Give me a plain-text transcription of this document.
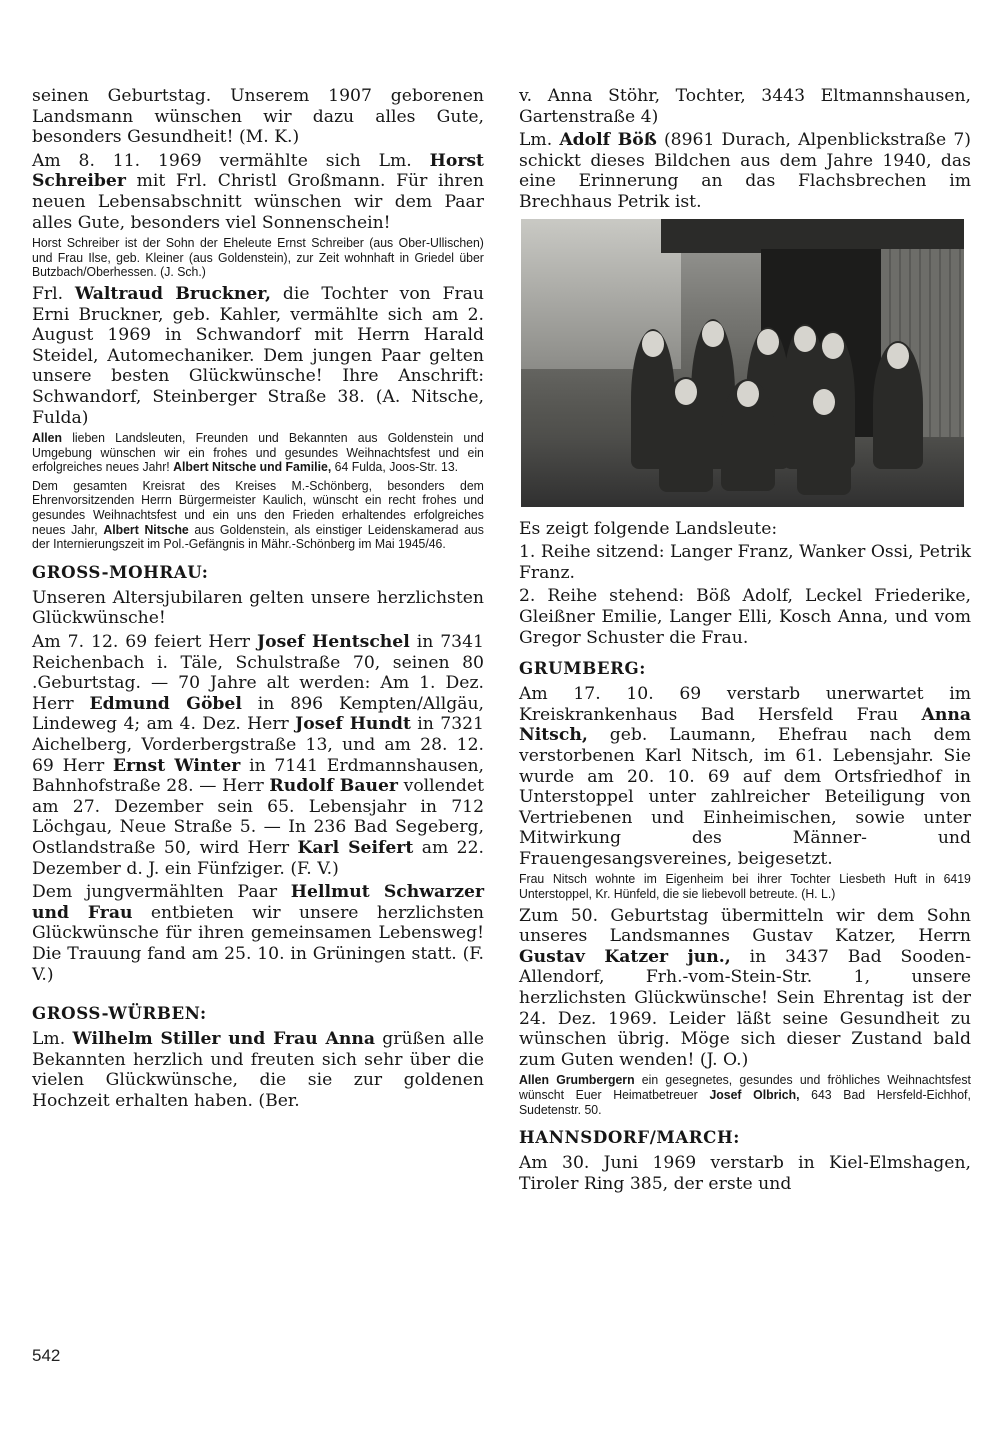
seinen Geburtstag. Unserem 1907 geborenen Landsmann wünschen wir dazu alles Gute, besonders Gesundheit! (M. K.)

Am 8. 11. 1969 vermählte sich Lm. Horst Schreiber mit Frl. Christl Großmann. Für ihren neuen Lebensabschnitt wünschen wir dem Paar alles Gute, besonders viel Sonnenschein!

Horst Schreiber ist der Sohn der Eheleute Ernst Schreiber (aus Ober-Ullischen) und Frau Ilse, geb. Kleiner (aus Goldenstein), zur Zeit wohnhaft in Griedel über Butzbach/Oberhessen. (J. Sch.)

Frl. Waltraud Bruckner, die Tochter von Frau Erni Bruckner, geb. Kahler, vermählte sich am 2. August 1969 in Schwandorf mit Herrn Harald Steidel, Automechaniker. Dem jungen Paar gelten unsere besten Glückwünsche! Ihre Anschrift: Schwandorf, Steinberger Straße 38. (A. Nitsche, Fulda)

Allen lieben Landsleuten, Freunden und Bekannten aus Goldenstein und Umgebung wünschen wir ein frohes und gesundes Weihnachtsfest und ein erfolgreiches neues Jahr! Albert Nitsche und Familie, 64 Fulda, Joos-Str. 13.

Dem gesamten Kreisrat des Kreises M.-Schönberg, besonders dem Ehrenvorsitzenden Herrn Bürgermeister Kaulich, wünscht ein recht frohes und gesundes Weihnachtsfest und ein uns den Frieden erhaltendes erfolgreiches neues Jahr, Albert Nitsche aus Goldenstein, als einstiger Leidenskamerad aus der Internierungszeit im Pol.-Gefängnis in Mähr.-Schönberg im Mai 1945/46.

GROSS-MOHRAU:

Unseren Altersjubilaren gelten unsere herzlichsten Glückwünsche!

Am 7. 12. 69 feiert Herr Josef Hentschel in 7341 Reichenbach i. Täle, Schulstraße 70, seinen 80 .Geburtstag. — 70 Jahre alt werden: Am 1. Dez. Herr Edmund Göbel in 896 Kempten/Allgäu, Lindeweg 4; am 4. Dez. Herr Josef Hundt in 7321 Aichelberg, Vorderbergstraße 13, und am 28. 12. 69 Herr Ernst Winter in 7141 Erdmannshausen, Bahnhofstraße 28. — Herr Rudolf Bauer vollendet am 27. Dezember sein 65. Lebensjahr in 712 Löchgau, Neue Straße 5. — In 236 Bad Segeberg, Ostlandstraße 50, wird Herr Karl Seifert am 22. Dezember d. J. ein Fünfziger. (F. V.)

Dem jungvermählten Paar Hellmut Schwarzer und Frau entbieten wir unsere herzlichsten Glückwünsche für ihren gemeinsamen Lebensweg! Die Trauung fand am 25. 10. in Grüningen statt. (F. V.)

GROSS-WÜRBEN:

Lm. Wilhelm Stiller und Frau Anna grüßen alle Bekannten herzlich und freuten sich sehr über die vielen Glückwünsche, die sie zur goldenen Hochzeit erhalten haben. (Ber.

v. Anna Stöhr, Tochter, 3443 Eltmannshausen, Gartenstraße 4)

Lm. Adolf Böß (8961 Durach, Alpenblickstraße 7) schickt dieses Bildchen aus dem Jahre 1940, das eine Erinnerung an das Flachsbrechen im Brechhaus Petrik ist.

Es zeigt folgende Landsleute:

1. Reihe sitzend: Langer Franz, Wanker Ossi, Petrik Franz.

2. Reihe stehend: Böß Adolf, Leckel Friederike, Gleißner Emilie, Langer Elli, Kosch Anna, und vom Gregor Schuster die Frau.

GRUMBERG:

Am 17. 10. 69 verstarb unerwartet im Kreiskrankenhaus Bad Hersfeld Frau Anna Nitsch, geb. Laumann, Ehefrau nach dem verstorbenen Karl Nitsch, im 61. Lebensjahr. Sie wurde am 20. 10. 69 auf dem Ortsfriedhof in Unterstoppel unter zahlreicher Beteiligung von Vertriebenen und Einheimischen, sowie unter Mitwirkung des Männer- und Frauengesangsvereines, beigesetzt.

Frau Nitsch wohnte im Eigenheim bei ihrer Tochter Liesbeth Huft in 6419 Unterstoppel, Kr. Hünfeld, die sie liebevoll betreute. (H. L.)

Zum 50. Geburtstag übermitteln wir dem Sohn unseres Landsmannes Gustav Katzer, Herrn Gustav Katzer jun., in 3437 Bad Sooden-Allendorf, Frh.-vom-Stein-Str. 1, unsere herzlichsten Glückwünsche! Sein Ehrentag ist der 24. Dez. 1969. Leider läßt seine Gesundheit zu wünschen übrig. Möge sich dieser Zustand bald zum Guten wenden! (J. O.)

Allen Grumbergern ein gesegnetes, gesundes und fröhliches Weihnachtsfest wünscht Euer Heimatbetreuer Josef Olbrich, 643 Bad Hersfeld-Eichhof, Sudetenstr. 50.

HANNSDORF/MARCH:

Am 30. Juni 1969 verstarb in Kiel-Elmshagen, Tiroler Ring 385, der erste und

542
